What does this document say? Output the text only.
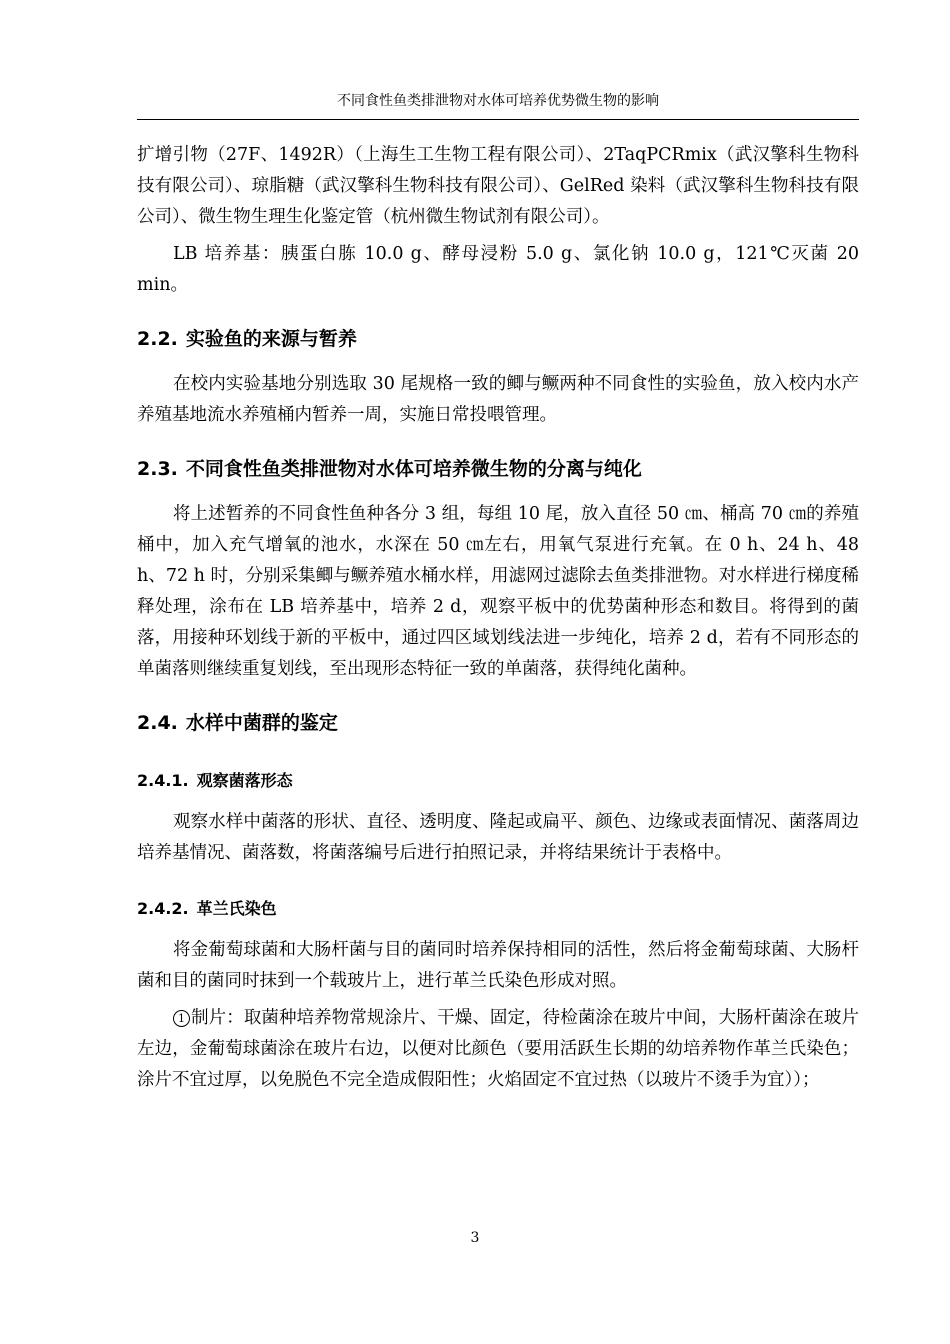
不同食性鱼类排泄物对水体可培养优势微生物的影响

扩增引物（27F、1492R）（上海生工生物工程有限公司）、2TaqPCRmix（武汉擎科生物科技有限公司）、琼脂糖（武汉擎科生物科技有限公司）、GelRed 染料（武汉擎科生物科技有限公司）、微生物生理生化鉴定管（杭州微生物试剂有限公司）。

LB 培养基：胰蛋白胨 10.0 g、酵母浸粉 5.0 g、氯化钠 10.0 g，121℃灭菌 20 min。

2.2. 实验鱼的来源与暂养

在校内实验基地分别选取 30 尾规格一致的鲫与鳜两种不同食性的实验鱼，放入校内水产养殖基地流水养殖桶内暂养一周，实施日常投喂管理。

2.3. 不同食性鱼类排泄物对水体可培养微生物的分离与纯化

将上述暂养的不同食性鱼种各分 3 组，每组 10 尾，放入直径 50 ㎝、桶高 70 ㎝的养殖桶中，加入充气增氧的池水，水深在 50 ㎝左右，用氧气泵进行充氧。在 0 h、24 h、48 h、72 h 时，分别采集鲫与鳜养殖水桶水样，用滤网过滤除去鱼类排泄物。对水样进行梯度稀释处理，涂布在 LB 培养基中，培养 2 d，观察平板中的优势菌种形态和数目。将得到的菌落，用接种环划线于新的平板中，通过四区域划线法进一步纯化，培养 2 d，若有不同形态的单菌落则继续重复划线，至出现形态特征一致的单菌落，获得纯化菌种。

2.4. 水样中菌群的鉴定
2.4.1. 观察菌落形态

观察水样中菌落的形状、直径、透明度、隆起或扁平、颜色、边缘或表面情况、菌落周边培养基情况、菌落数，将菌落编号后进行拍照记录，并将结果统计于表格中。

2.4.2. 革兰氏染色

将金葡萄球菌和大肠杆菌与目的菌同时培养保持相同的活性，然后将金葡萄球菌、大肠杆菌和目的菌同时抹到一个载玻片上，进行革兰氏染色形成对照。

1 制片：取菌种培养物常规涂片、干燥、固定，待检菌涂在玻片中间，大肠杆菌涂在玻片左边，金葡萄球菌涂在玻片右边，以便对比颜色（要用活跃生长期的幼培养物作革兰氏染色；涂片不宜过厚，以免脱色不完全造成假阳性；火焰固定不宜过热（以玻片不烫手为宜））；

3
